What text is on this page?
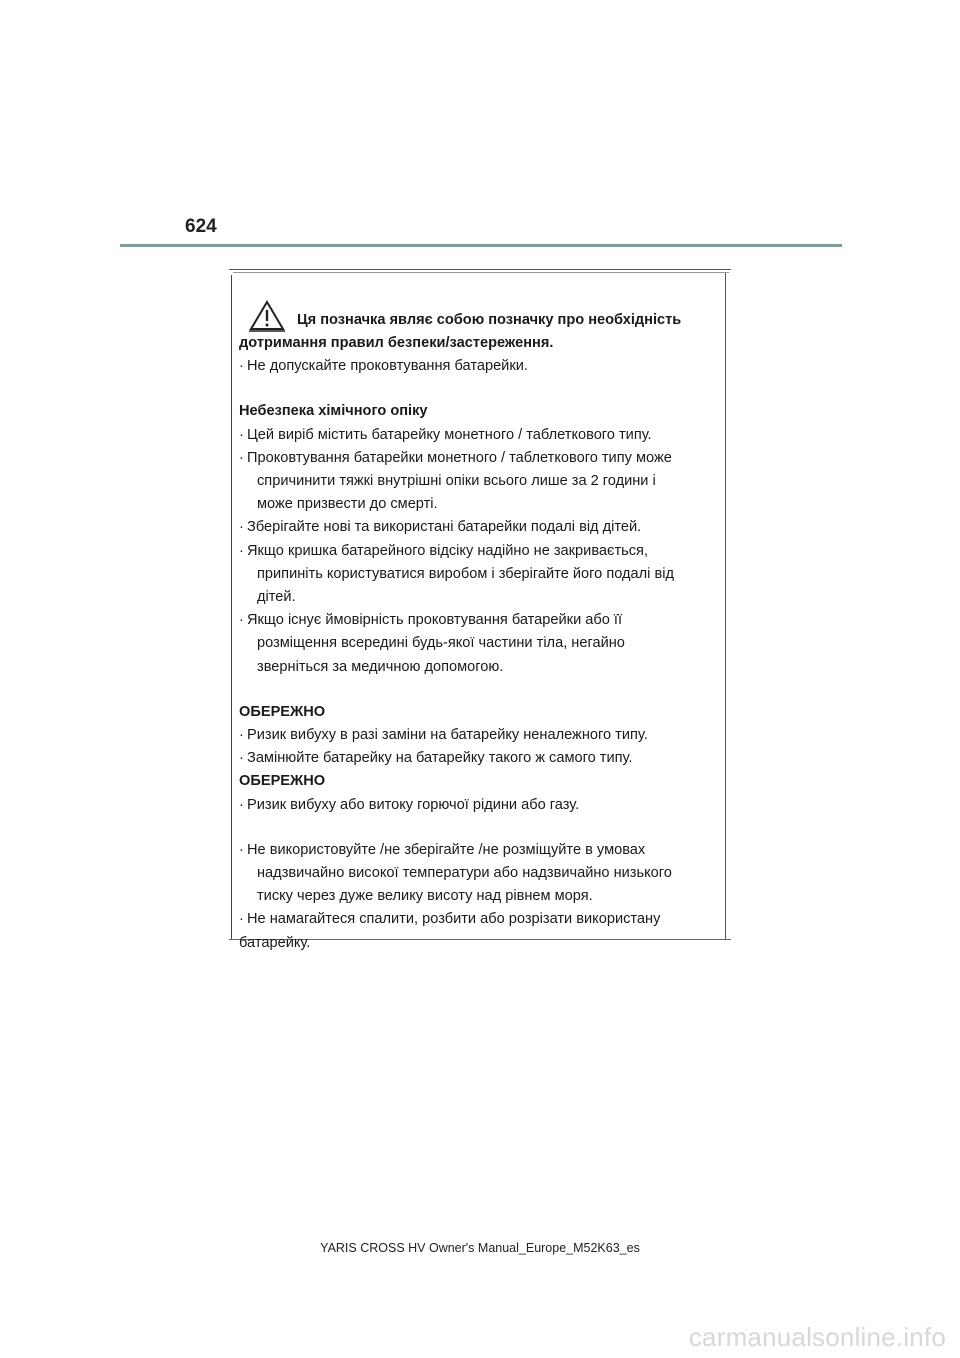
624
Ця позначка являє собою позначку про необхідність
дотримання правил безпеки/застереження.
· Не допускайте проковтування батарейки.
Небезпека хімічного опіку
· Цей виріб містить батарейку монетного / таблеткового типу.
· Проковтування батарейки монетного / таблеткового типу може
спричинити тяжкі внутрішні опіки всього лише за 2 години і
може призвести до смерті.
· Зберігайте нові та використані батарейки подалі від дітей.
· Якщо кришка батарейного відсіку надійно не закривається,
припиніть користуватися виробом і зберігайте його подалі від
дітей.
· Якщо існує ймовірність проковтування батарейки або її
розміщення всередині будь-якої частини тіла, негайно
зверніться за медичною допомогою.
ОБЕРЕЖНО
· Ризик вибуху в разі заміни на батарейку неналежного типу.
· Замінюйте батарейку на батарейку такого ж самого типу.
ОБЕРЕЖНО
· Ризик вибуху або витоку горючої рідини або газу.
· Не використовуйте /не зберігайте /не розміщуйте в умовах
надзвичайно високої температури або надзвичайно низького
тиску через дуже велику висоту над рівнем моря.
· Не намагайтеся спалити, розбити або розрізати використану
батарейку.
YARIS CROSS HV Owner's Manual_Europe_M52K63_es
carmanualsonline.info
